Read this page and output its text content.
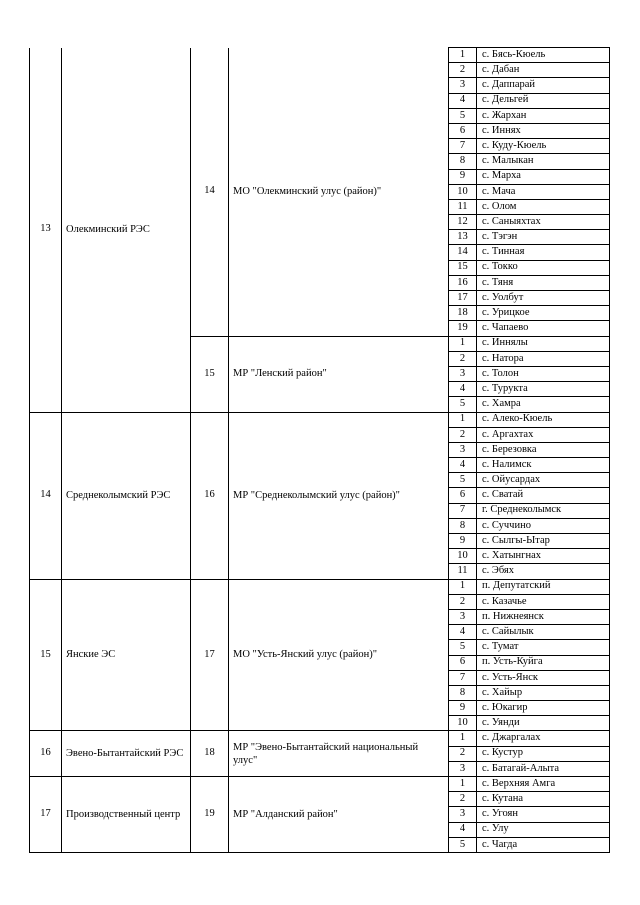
13	Олекминский РЭС	14	МО "Олекминский улус (район)"	1	с. Бясь-Кюель
				2	с. Дабан
				3	с. Даппарай
				4	с. Дельгей
				5	с. Жархан
				6	с. Иннях
				7	с. Куду-Кюель
				8	с. Малыкан
				9	с. Марха
				10	с. Мача
				11	с. Олом
				12	с. Саныяхтах
				13	с. Тэгэн
				14	с. Тинная
				15	с. Токко
				16	с. Тяня
				17	с. Уолбут
				18	с. Урицкое
				19	с. Чапаево
		15	МР "Ленский район"	1	с. Иннялы
				2	с. Натора
				3	с. Толон
				4	с. Турукта
				5	с. Хамра
14	Среднеколымский РЭС	16	МР "Среднеколымский улус (район)"	1	с. Алеко-Кюель
				2	с. Аргахтах
				3	с. Березовка
				4	с. Налимск
				5	с. Ойусардах
				6	с. Сватай
				7	г. Среднеколымск
				8	с. Суччино
				9	с. Сылгы-Ытар
				10	с. Хатынгнах
				11	с. Эбях
15	Янские ЭС	17	МО "Усть-Янский улус (район)"	1	п. Депутатский
				2	с. Казачье
				3	п. Нижнеянск
				4	с. Сайылык
				5	с. Тумат
				6	п. Усть-Куйга
				7	с. Усть-Янск
				8	с. Хайыр
				9	с. Юкагир
				10	с. Уянди
16	Эвено-Бытантайский РЭС	18	МР "Эвено-Бытантайский национальный улус"	1	с. Джаргалах
				2	с. Кустур
				3	с. Батагай-Алыта
17	Производственный центр	19	МР "Алданский район"	1	с. Верхняя Амга
				2	с. Кутана
				3	с. Угоян
				4	с. Улу
				5	с. Чагда
